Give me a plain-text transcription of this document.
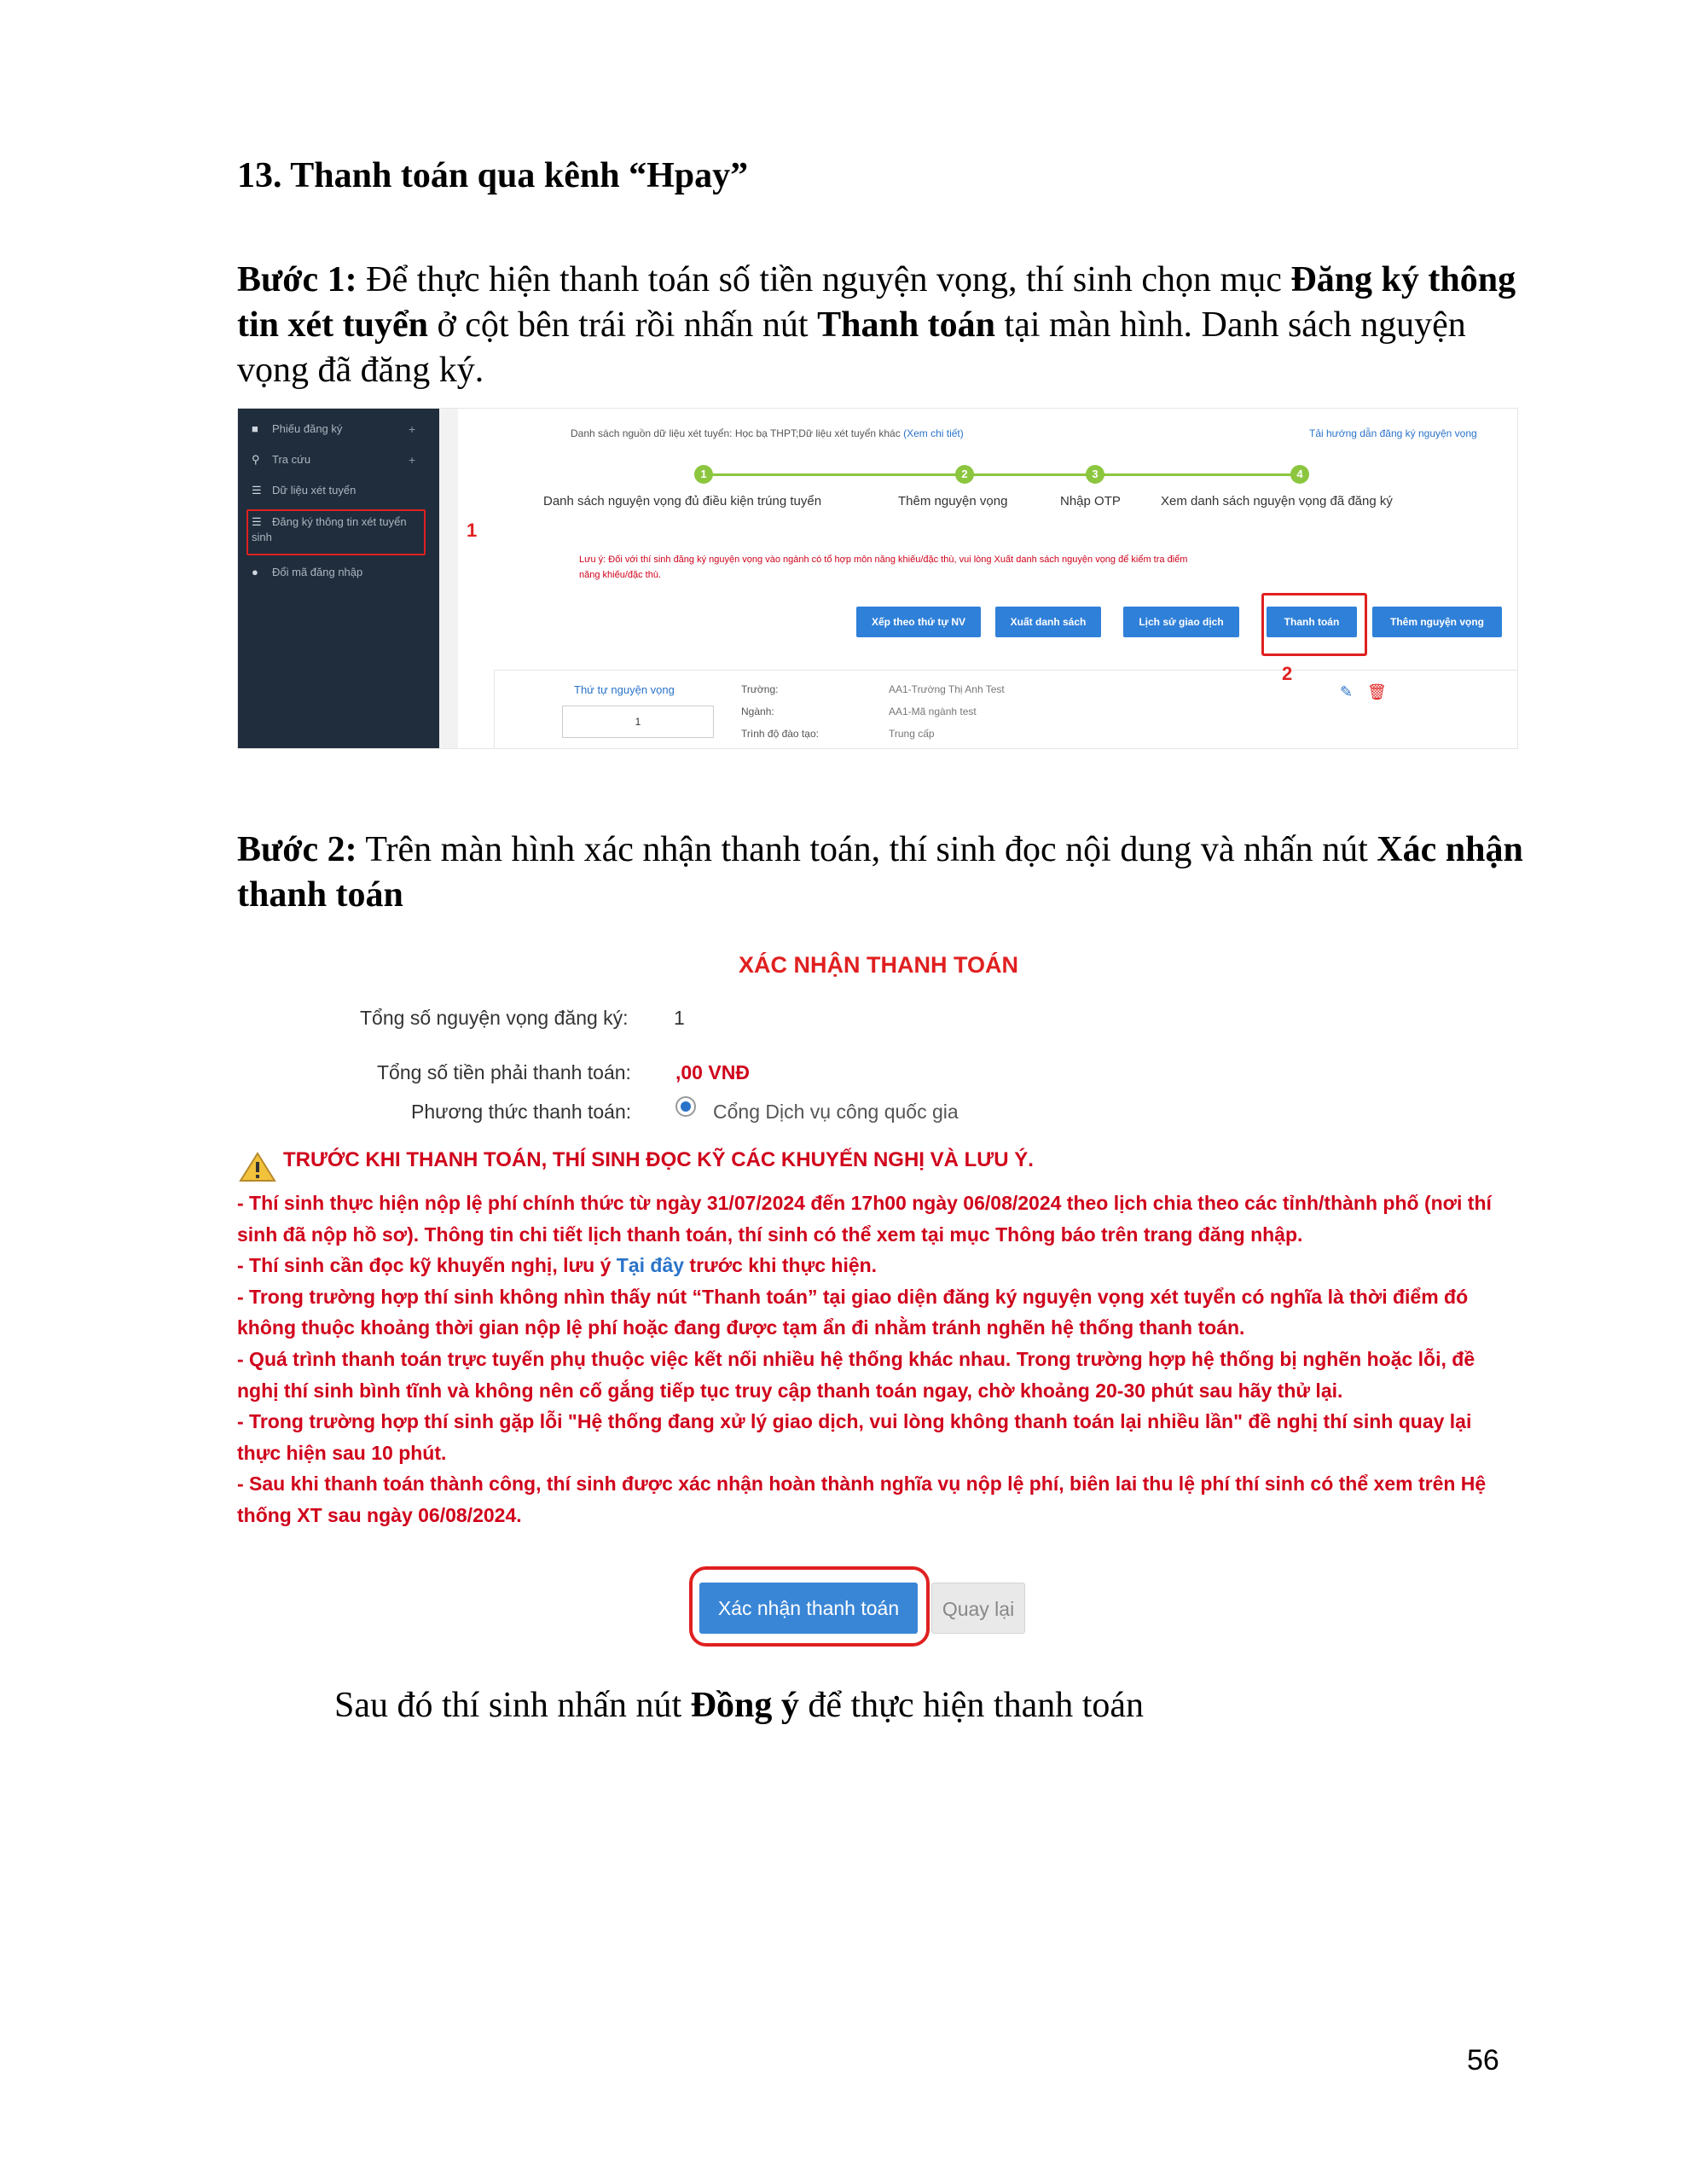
13. Thanh toán qua kênh “Hpay”
Bước 1: Để thực hiện thanh toán số tiền nguyện vọng, thí sinh chọn mục Đăng ký thông tin xét tuyển ở cột bên trái rồi nhấn nút Thanh toán tại màn hình. Danh sách nguyện vọng đã đăng ký.
■ Phiếu đăng ký	+
⚲ Tra cứu	+
☰ Dữ liệu xét tuyển
☰ Đăng ký thông tin xét tuyển sinh
● Đổi mã đăng nhập
1
Danh sách nguồn dữ liệu xét tuyển: Học bạ THPT;Dữ liệu xét tuyển khác (Xem chi tiết)	Tải hướng dẫn đăng ký nguyện vọng
1	2	3	4
Danh sách nguyện vọng đủ điều kiện trúng tuyển	Thêm nguyện vọng	Nhập OTP	Xem danh sách nguyện vọng đã đăng ký
Lưu ý: Đối với thí sinh đăng ký nguyện vọng vào ngành có tổ hợp môn năng khiếu/đặc thù, vui lòng Xuất danh sách nguyện vọng để kiểm tra điểm năng khiếu/đặc thù.
Xếp theo thứ tự NV	Xuất danh sách	Lịch sử giao dịch	Thanh toán	Thêm nguyện vọng
2
Thứ tự nguyện vọng
1
Trường:	AA1-Trường Thị Anh Test
Ngành:	AA1-Mã ngành test
Trình độ đào tạo:	Trung cấp
✎ 🗑
Bước 2: Trên màn hình xác nhận thanh toán, thí sinh đọc nội dung và nhấn nút Xác nhận thanh toán
XÁC NHẬN THANH TOÁN
Tổng số nguyện vọng đăng ký: 1
Tổng số tiền phải thanh toán: ,00 VNĐ
Phương thức thanh toán:	Cổng Dịch vụ công quốc gia
TRƯỚC KHI THANH TOÁN, THÍ SINH ĐỌC KỸ CÁC KHUYẾN NGHỊ VÀ LƯU Ý.
- Thí sinh thực hiện nộp lệ phí chính thức từ ngày 31/07/2024 đến 17h00 ngày 06/08/2024 theo lịch chia theo các tỉnh/thành phố (nơi thí sinh đã nộp hồ sơ). Thông tin chi tiết lịch thanh toán, thí sinh có thể xem tại mục Thông báo trên trang đăng nhập.
- Thí sinh cần đọc kỹ khuyến nghị, lưu ý Tại đây trước khi thực hiện.
- Trong trường hợp thí sinh không nhìn thấy nút “Thanh toán” tại giao diện đăng ký nguyện vọng xét tuyển có nghĩa là thời điểm đó không thuộc khoảng thời gian nộp lệ phí hoặc đang được tạm ẩn đi nhằm tránh nghẽn hệ thống thanh toán.
- Quá trình thanh toán trực tuyến phụ thuộc việc kết nối nhiều hệ thống khác nhau. Trong trường hợp hệ thống bị nghẽn hoặc lỗi, đề nghị thí sinh bình tĩnh và không nên cố gắng tiếp tục truy cập thanh toán ngay, chờ khoảng 20-30 phút sau hãy thử lại.
- Trong trường hợp thí sinh gặp lỗi "Hệ thống đang xử lý giao dịch, vui lòng không thanh toán lại nhiều lần" đề nghị thí sinh quay lại thực hiện sau 10 phút.
- Sau khi thanh toán thành công, thí sinh được xác nhận hoàn thành nghĩa vụ nộp lệ phí, biên lai thu lệ phí thí sinh có thể xem trên Hệ thống XT sau ngày 06/08/2024.
Xác nhận thanh toán	Quay lại
Sau đó thí sinh nhấn nút Đồng ý để thực hiện thanh toán
56
